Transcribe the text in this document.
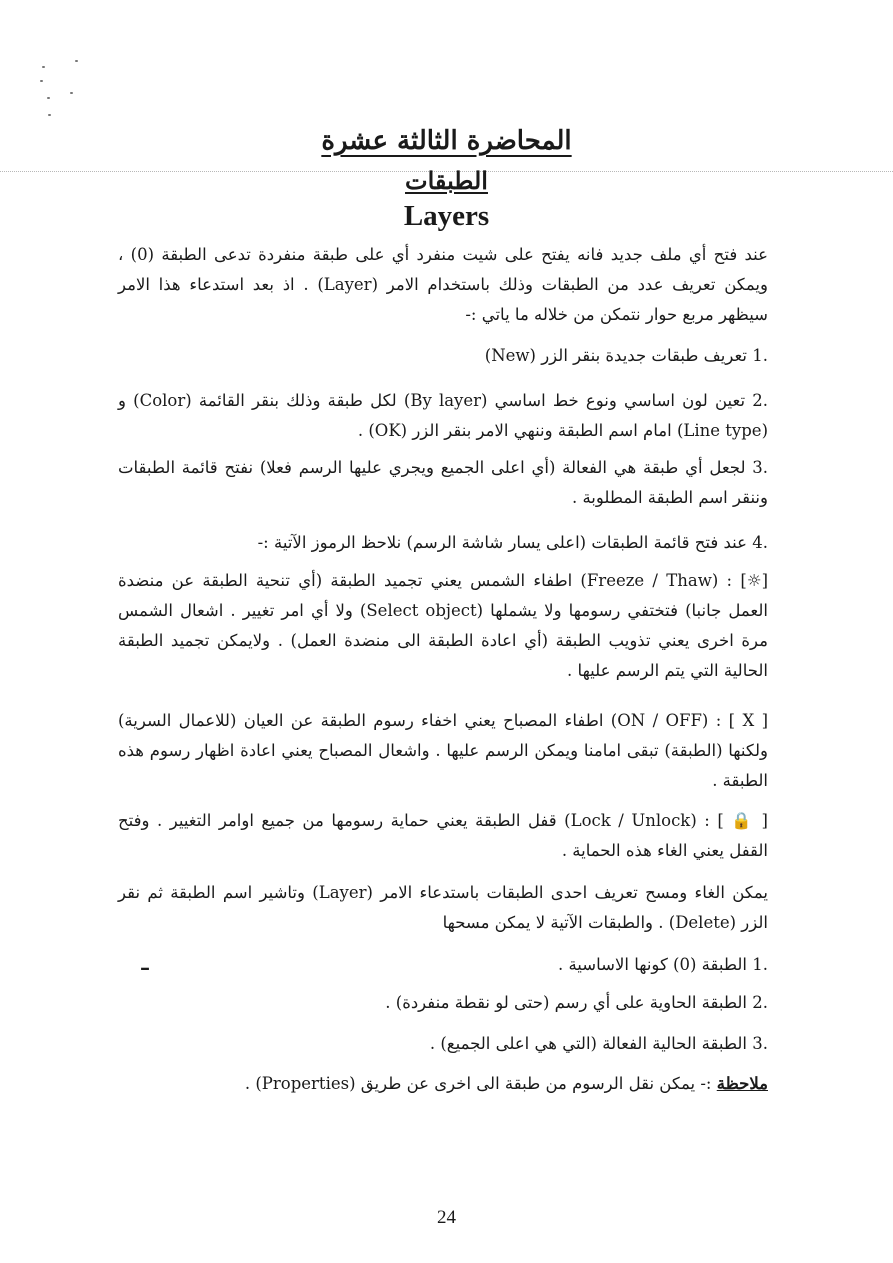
المحاضرة الثالثة عشرة
الطبقات
Layers

عند فتح أي ملف جديد فانه يفتح على شيت منفرد أي على طبقة منفردة تدعى الطبقة (0) ، ويمكن تعريف عدد من الطبقات وذلك باستخدام الامر (Layer) . اذ بعد استدعاء هذا الامر سيظهر مربع حوار نتمكن من خلاله ما ياتي :-

.1 تعريف طبقات جديدة بنقر الزر (New)

.2 تعين لون اساسي ونوع خط اساسي (By layer) لكل طبقة وذلك بنقر القائمة (Color) و (Line type) امام اسم الطبقة وننهي الامر بنقر الزر (OK) .

.3 لجعل أي طبقة هي الفعالة (أي اعلى الجميع ويجري عليها الرسم فعلا) نفتح قائمة الطبقات وننقر اسم الطبقة المطلوبة .

.4 عند فتح قائمة الطبقات (اعلى يسار شاشة الرسم) نلاحظ الرموز الآتية :-

[☼] : (Freeze / Thaw) اطفاء الشمس يعني تجميد الطبقة (أي تنحية الطبقة عن منضدة العمل جانبا) فتختفي رسومها ولا يشملها (Select object) ولا أي امر تغيير . اشعال الشمس مرة اخرى يعني تذويب الطبقة (أي اعادة الطبقة الى منضدة العمل) . ولايمكن تجميد الطبقة الحالية التي يتم الرسم عليها .

[ X ] : (ON / OFF) اطفاء المصباح يعني اخفاء رسوم الطبقة عن العيان (للاعمال السرية) ولكنها (الطبقة) تبقى امامنا ويمكن الرسم عليها . واشعال المصباح يعني اعادة اظهار رسوم هذه الطبقة .

[ 🔒 ] : (Lock / Unlock) قفل الطبقة يعني حماية رسومها من جميع اوامر التغيير . وفتح القفل يعني الغاء هذه الحماية .

يمكن الغاء ومسح تعريف احدى الطبقات باستدعاء الامر (Layer) وتاشير اسم الطبقة ثم نقر الزر (Delete) . والطبقات الآتية لا يمكن مسحها

–	.1 الطبقة (0) كونها الاساسية .

.2 الطبقة الحاوية على أي رسم (حتى لو نقطة منفردة) .

.3 الطبقة الحالية الفعالة (التي هي اعلى الجميع) .

ملاحظة :- يمكن نقل الرسوم من طبقة الى اخرى عن طريق (Properties) .

24
